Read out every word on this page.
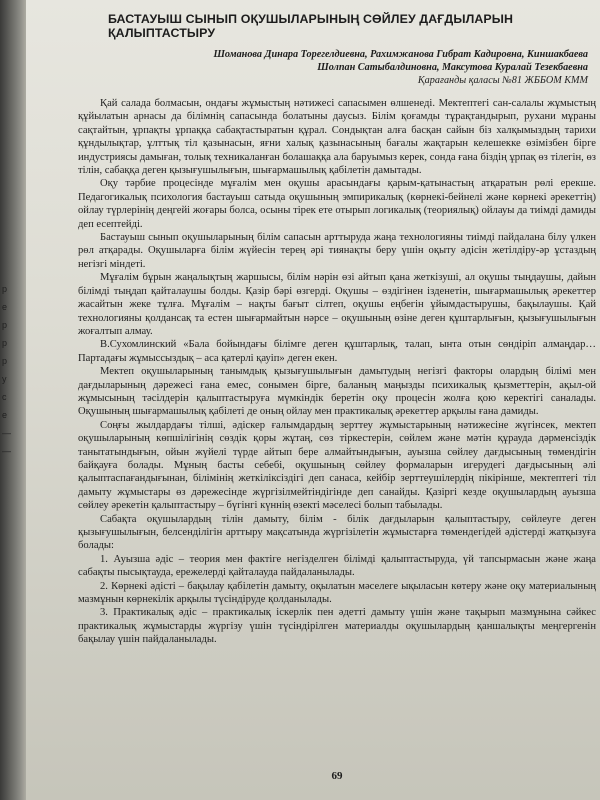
р
е
р
р
р
у
с
е
—
—
БАСТАУЫШ СЫНЫП ОҚУШЫЛАРЫНЫҢ СӨЙЛЕУ ДАҒДЫЛАРЫН ҚАЛЫПТАСТЫРУ
Шоманова Динара Торегелдиевна, Рахимжанова Гибрат Кадировна, Киншакбаева
Шолпан Сатыбалдиновна, Максутова Куралай Тезекбаевна
Қарағанды қаласы №81 ЖББОМ КММ

Қай салада болмасын, ондағы жұмыстың нәтижесі сапасымен өлшенеді. Мектептегі сан-салалы жұмыстың құйылатын арнасы да білімнің сапасында болатыны даусыз. Білім қоғамды тұрақтандырып, рухани мұраны сақтайтын, ұрпақты ұрпаққа сабақтастыратын құрал. Сондықтан алға басқан сайын біз халқымыздың тарихи құндылықтар, ұлттық тіл қазынасын, яғни халық қазынасының бағалы жақтарын келешекке өзімізбен бірге индустриясы дамыған, толық техникаланған болашаққа ала баруымыз керек, сонда ғана біздің ұрпақ өз тілегін, өз тілін, сабаққа деген қызығушылығын, шығармашылық қабілетін дамытады.

Оқу тәрбие процесінде мұғалім мен оқушы арасындағы қарым-қатынастың атқаратын рөлі ерекше. Педагогикалық психология бастауыш сатыда оқушының эмпирикалық (көрнекі-бейнелі және көрнекі әрекеттің) ойлау түрлерінің деңгейі жоғары болса, осыны тірек ете отырып логикалық (теориялық) ойлауы да тиімді дамиды деп есептейді.

Бастауыш сынып оқушыларының білім сапасын арттыруда жаңа технологияны тиімді пайдалана білу үлкен рөл атқарады. Оқушыларға білім жүйесін терең әрі тиянақты беру үшін оқыту әдісін жетілдіру-әр ұстаздың негізгі міндеті.

Мұғалім бұрын жаңалықтың жаршысы, білім нәрін өзі айтып қана жеткізуші, ал оқушы тыңдаушы, дайын білімді тыңдап қайталаушы болды. Қазір бәрі өзгерді. Оқушы – өздігінен ізденетін, шығармашылық әрекеттер жасайтын жеке тұлға. Мұғалім – нақты бағыт сілтеп, оқушы еңбегін ұйымдастырушы, бақылаушы. Қай технологияны қолдансақ та естен шығармайтын нәрсе – оқушының өзіне деген құштарлығын, қызығушылығын жоғалтып алмау.

В.Сухомлинский «Бала бойындағы білімге деген құштарлық, талап, ынта отын сөндіріп алмаңдар… Партадағы жұмыссыздық – аса қатерлі қауіп» деген екен.

Мектеп оқушыларының танымдық қызығушылығын дамытудың негізгі факторы олардың білімі мен дағдыларының дәрежесі ғана емес, сонымен бірге, баланың маңызды психикалық қызметтерін, ақыл-ой жұмысының тәсілдерін қалыптастыруға мүмкіндік беретін оқу процесін жолға қою керектігі саналады. Оқушының шығармашылық қабілеті де оның ойлау мен практикалық әрекеттер арқылы ғана дамиды.

Соңғы жылдардағы тілші, әдіскер ғалымдардың зерттеу жұмыстарының нәтижесіне жүгінсек, мектеп оқушыларының көпшілігінің сөздік қоры жұтаң, сөз тіркестерін, сөйлем және мәтін құрауда дәрменсіздік танытатындығын, ойын жүйелі түрде айтып бере алмайтындығын, ауызша сөйлеу дағдысының төмендігін байқауға болады. Мұның басты себебі, оқушының сөйлеу формаларын игерудегі дағдысының әлі қалыптаспағандығынан, білімінің жеткіліксіздігі деп санаса, кейбір зерттеушілердің пікірінше, мектептегі тіл дамыту жұмыстары өз дәрежесінде жүргізілмейтіндігінде деп санайды. Қазіргі кезде оқушылардың ауызша сөйлеу әрекетін қалыптастыру – бүгінгі күннің өзекті мәселесі болып табылады.

Сабақта оқушылардың тілін дамыту, білім - білік дағдыларын қалыптастыру, сөйлеуге деген қызығушылығын, белсенділігін арттыру мақсатында жүргізілетін жұмыстарға төмендегідей әдістерді жатқызуға болады:

1. Ауызша әдіс – теория мен фактіге негізделген білімді қалыптастыруда, үй тапсырмасын және жаңа сабақты пысықтауда, ережелерді қайталауда пайдаланылады.

2. Көрнекі әдісті – бақылау қабілетін дамыту, оқылатын мәселеге ықыласын көтеру және оқу материалының мазмұнын көрнекілік арқылы түсіндіруде қолданылады.

3. Практикалық әдіс – практикалық іскерлік пен әдетті дамыту үшін және тақырып мазмұнына сәйкес практикалық жұмыстарды жүргізу үшін түсіндірілген материалды оқушылардың қаншалықты меңгергенін бақылау үшін пайдаланылады.

69
